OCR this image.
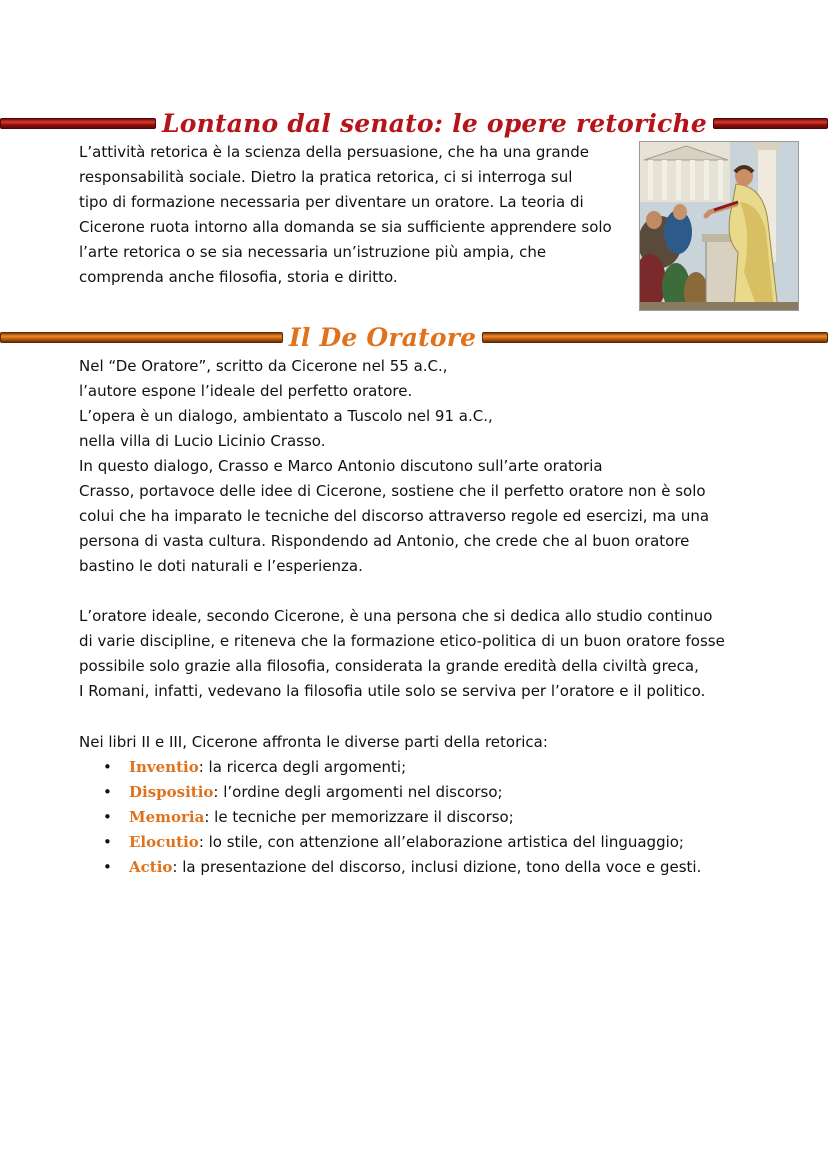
Lontano dal senato: le opere retoriche

L’attività retorica è la scienza della persuasione, che ha una grande

responsabilità sociale. Dietro la pratica retorica, ci si interroga sul

tipo di formazione necessaria per diventare un oratore. La teoria di

Cicerone ruota intorno alla domanda se sia sufficiente apprendere solo

l’arte retorica o se sia necessaria un’istruzione più ampia, che

comprenda anche filosofia, storia e diritto.

Il De Oratore

Nel “De Oratore”, scritto da Cicerone nel 55 a.C.,

l’autore espone l’ideale del perfetto oratore.

L’opera è un dialogo, ambientato a Tuscolo nel 91 a.C.,

nella villa di Lucio Licinio Crasso.

In questo dialogo, Crasso e Marco Antonio discutono sull’arte oratoria

Crasso, portavoce delle idee di Cicerone, sostiene che il perfetto oratore non è solo

colui che ha imparato le tecniche del discorso attraverso regole ed esercizi, ma una

persona di vasta cultura. Rispondendo ad Antonio, che crede che al buon oratore

bastino le doti naturali e l’esperienza.

L’oratore ideale, secondo Cicerone, è una persona che si dedica allo studio continuo

di varie discipline, e riteneva che la formazione etico-politica di un buon oratore fosse

possibile solo grazie alla filosofia, considerata la grande eredità della civiltà greca,

I Romani, infatti, vedevano la filosofia utile solo se serviva per l’oratore e il politico.

Nei libri II e III, Cicerone affronta le diverse parti della retorica:

• Inventio: la ricerca degli argomenti;
• Dispositio: l’ordine degli argomenti nel discorso;
• Memoria: le tecniche per memorizzare il discorso;
• Elocutio: lo stile, con attenzione all’elaborazione artistica del linguaggio;
• Actio: la presentazione del discorso, inclusi dizione, tono della voce e gesti.
